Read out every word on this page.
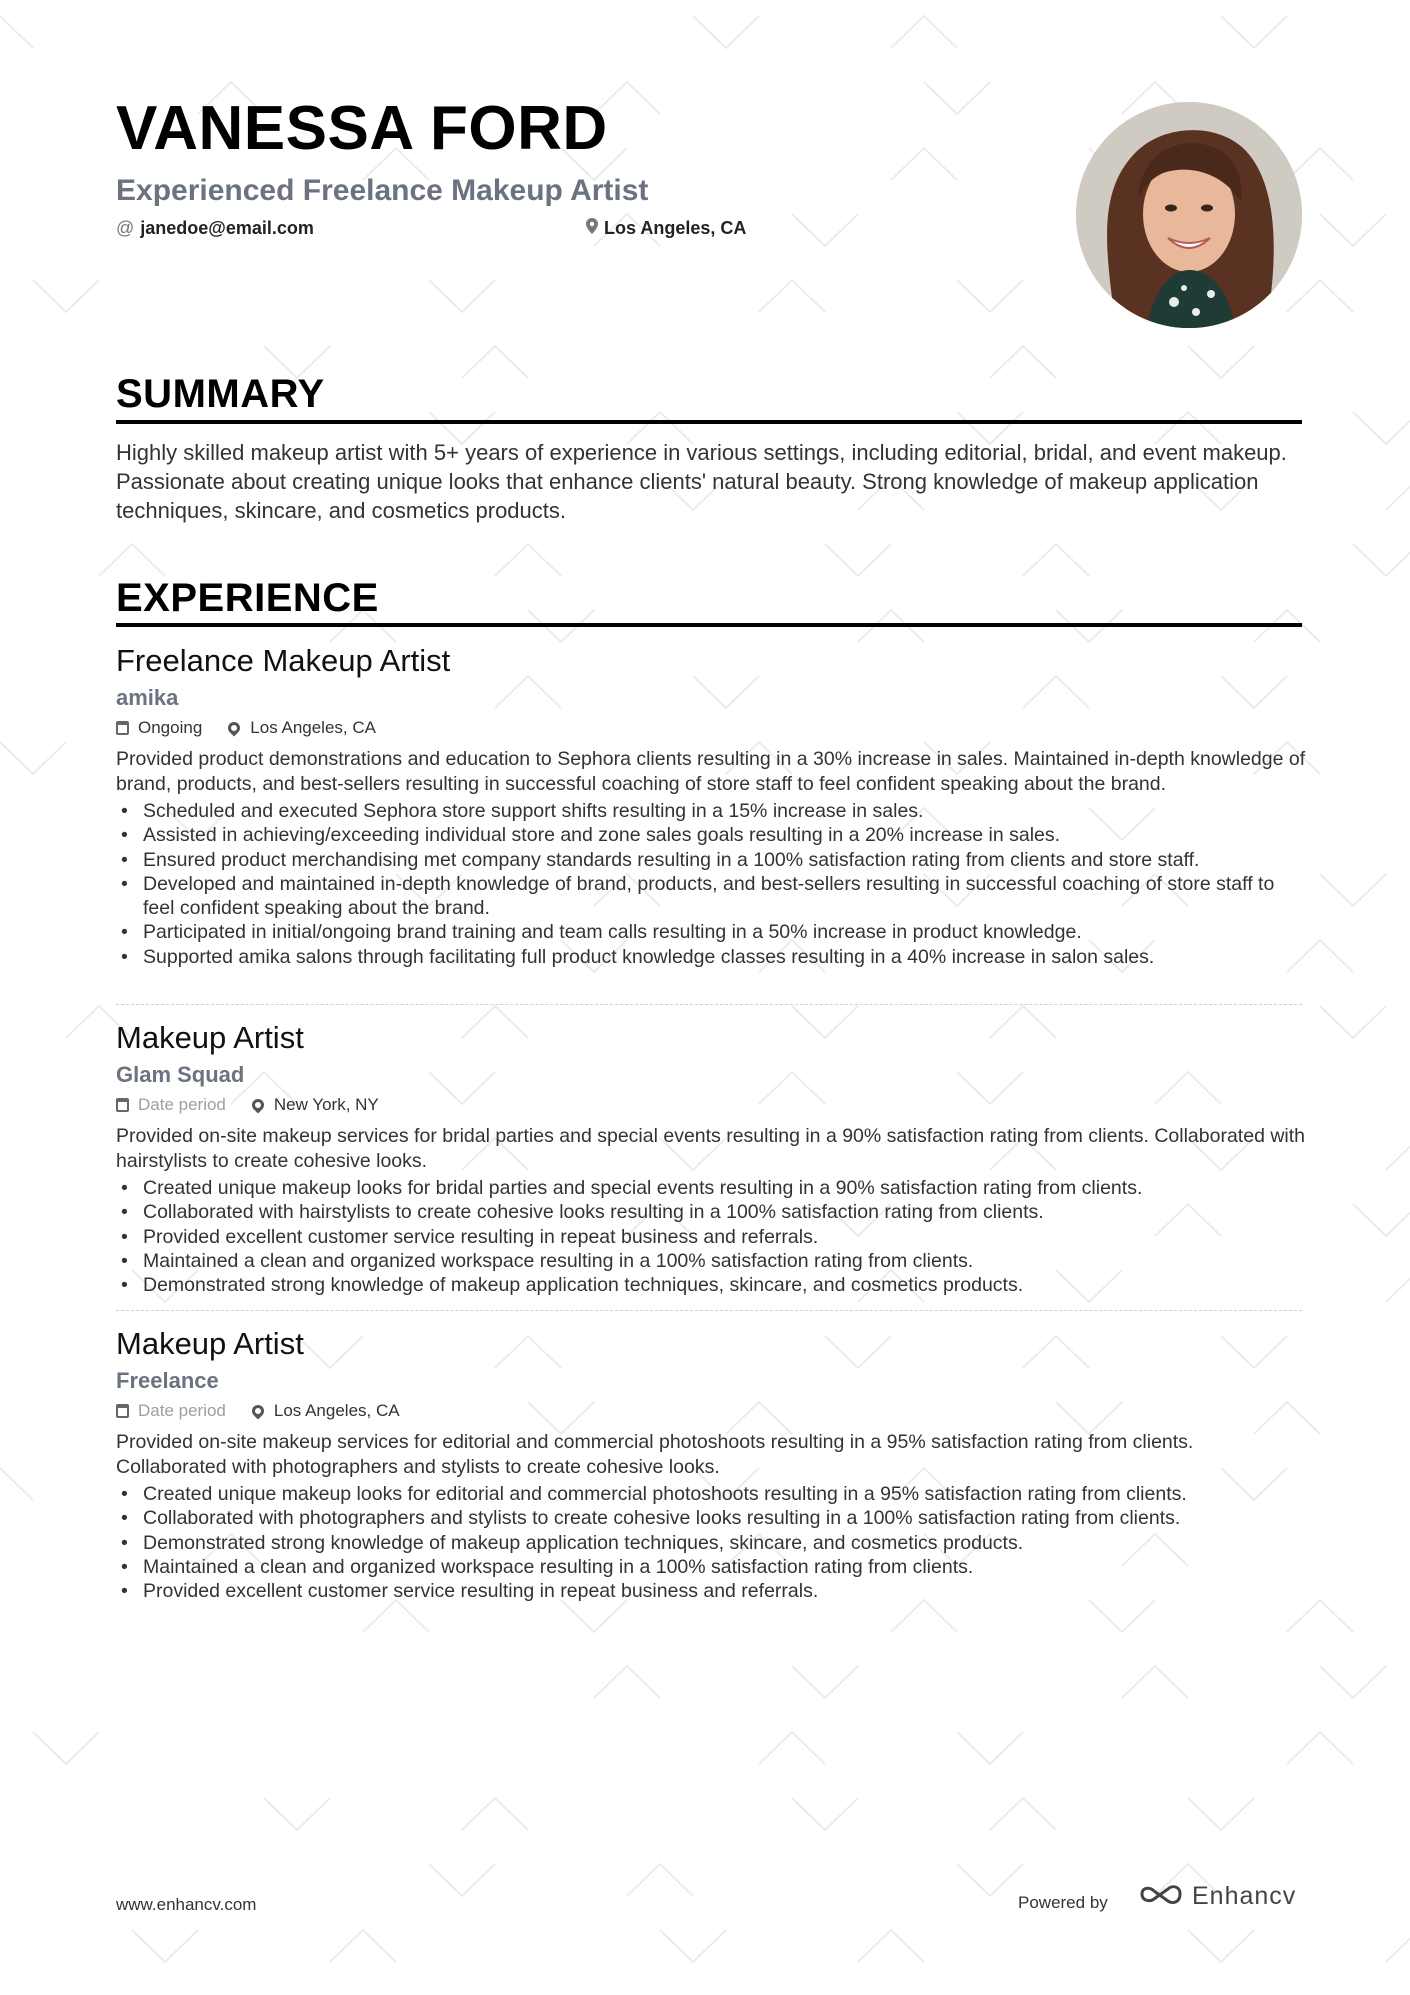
VANESSA FORD
Experienced Freelance Makeup Artist
@ janedoe@email.com	Los Angeles, CA
SUMMARY

Highly skilled makeup artist with 5+ years of experience in various settings, including editorial, bridal, and event makeup. Passionate about creating unique looks that enhance clients' natural beauty. Strong knowledge of makeup application techniques, skincare, and cosmetics products.

EXPERIENCE
Freelance Makeup Artist
amika
Ongoing	Los Angeles, CA
Provided product demonstrations and education to Sephora clients resulting in a 30% increase in sales. Maintained in-depth knowledge of brand, products, and best-sellers resulting in successful coaching of store staff to feel confident speaking about the brand.
• Scheduled and executed Sephora store support shifts resulting in a 15% increase in sales.
• Assisted in achieving/exceeding individual store and zone sales goals resulting in a 20% increase in sales.
• Ensured product merchandising met company standards resulting in a 100% satisfaction rating from clients and store staff.
• Developed and maintained in-depth knowledge of brand, products, and best-sellers resulting in successful coaching of store staff to feel confident speaking about the brand.
• Participated in initial/ongoing brand training and team calls resulting in a 50% increase in product knowledge.
• Supported amika salons through facilitating full product knowledge classes resulting in a 40% increase in salon sales.
Makeup Artist
Glam Squad
Date period	New York, NY
Provided on-site makeup services for bridal parties and special events resulting in a 90% satisfaction rating from clients. Collaborated with hairstylists to create cohesive looks.
• Created unique makeup looks for bridal parties and special events resulting in a 90% satisfaction rating from clients.
• Collaborated with hairstylists to create cohesive looks resulting in a 100% satisfaction rating from clients.
• Provided excellent customer service resulting in repeat business and referrals.
• Maintained a clean and organized workspace resulting in a 100% satisfaction rating from clients.
• Demonstrated strong knowledge of makeup application techniques, skincare, and cosmetics products.
Makeup Artist
Freelance
Date period	Los Angeles, CA
Provided on-site makeup services for editorial and commercial photoshoots resulting in a 95% satisfaction rating from clients. Collaborated with photographers and stylists to create cohesive looks.
• Created unique makeup looks for editorial and commercial photoshoots resulting in a 95% satisfaction rating from clients.
• Collaborated with photographers and stylists to create cohesive looks resulting in a 100% satisfaction rating from clients.
• Demonstrated strong knowledge of makeup application techniques, skincare, and cosmetics products.
• Maintained a clean and organized workspace resulting in a 100% satisfaction rating from clients.
• Provided excellent customer service resulting in repeat business and referrals.
www.enhancv.com	Powered by	Enhancv
